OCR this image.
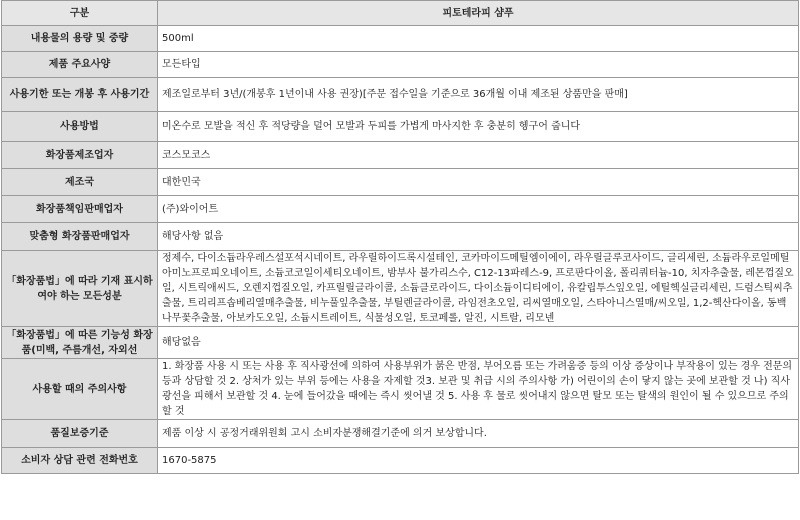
구분	피토테라피 샴푸
내용물의 용량 및 중량	500ml
제품 주요사양	모든타입
사용기한 또는 개봉 후 사용기간	제조일로부터 3년/(개봉후 1년이내 사용 권장)[주문 접수일을 기준으로 36개월 이내 제조된 상품만을 판매]
사용방법	미온수로 모발을 적신 후 적당량을 덜어 모발과 두피를 가볍게 마사지한 후 충분히 헹구어 줍니다
화장품제조업자	코스모코스
제조국	대한민국
화장품책임판매업자	(주)와이어트
맞춤형 화장품판매업자	해당사항 없음
「화장품법」에 따라 기재 표시하여야 하는 모든성분	정제수, 다이소듐라우레스설포석시네이트, 라우릴하이드록시설테인, 코카마이드메틸엠이에이, 라우릴글루코사이드, 글리세린, 소듐라우로일메틸아미노프로피오네이트, 소듐코코일이세티오네이트, 밤부사 불가리스수, C12-13파레스-9, 프로판다이올, 폴리쿼터늄-10, 치자추출물, 레몬껍질오일, 시트릭애씨드, 오렌지껍질오일, 카프릴릴글라이콜, 소듐클로라이드, 다이소듐이디티에이, 유칼립투스잎오일, 에틸헥실글리세린, 드럼스틱씨추출물, 트리리프솝베리열매추출물, 비누풀잎추출물, 부틸렌글라이콜, 라임전초오일, 리씨열매오일, 스타아니스열매/씨오일, 1,2-헥산다이올, 동백나무꽃추출물, 아보카도오일, 소듐시트레이트, 식물성오일, 토코페롤, 알진, 시트랄, 리모넨
「화장품법」에 따른 기능성 화장품(미백, 주름개선, 자외선	해당없음
사용할 때의 주의사항	1. 화장품 사용 시 또는 사용 후 직사광선에 의하여 사용부위가 붉은 반점, 부어오름 또는 가려움증 등의 이상 증상이나 부작용이 있는 경우 전문의 등과 상담할 것 2. 상처가 있는 부위 등에는 사용을 자제할 것3. 보관 및 취급 시의 주의사항 가) 어린이의 손이 닿지 않는 곳에 보관할 것 나) 직사광선을 피해서 보관할 것 4. 눈에 들어갔을 때에는 즉시 씻어낼 것 5. 사용 후 물로 씻어내지 않으면 탈모 또는 탈색의 원인이 될 수 있으므로 주의할 것
품질보증기준	제품 이상 시 공정거래위원회 고시 소비자분쟁해결기준에 의거 보상합니다.
소비자 상담 관련 전화번호	1670-5875
